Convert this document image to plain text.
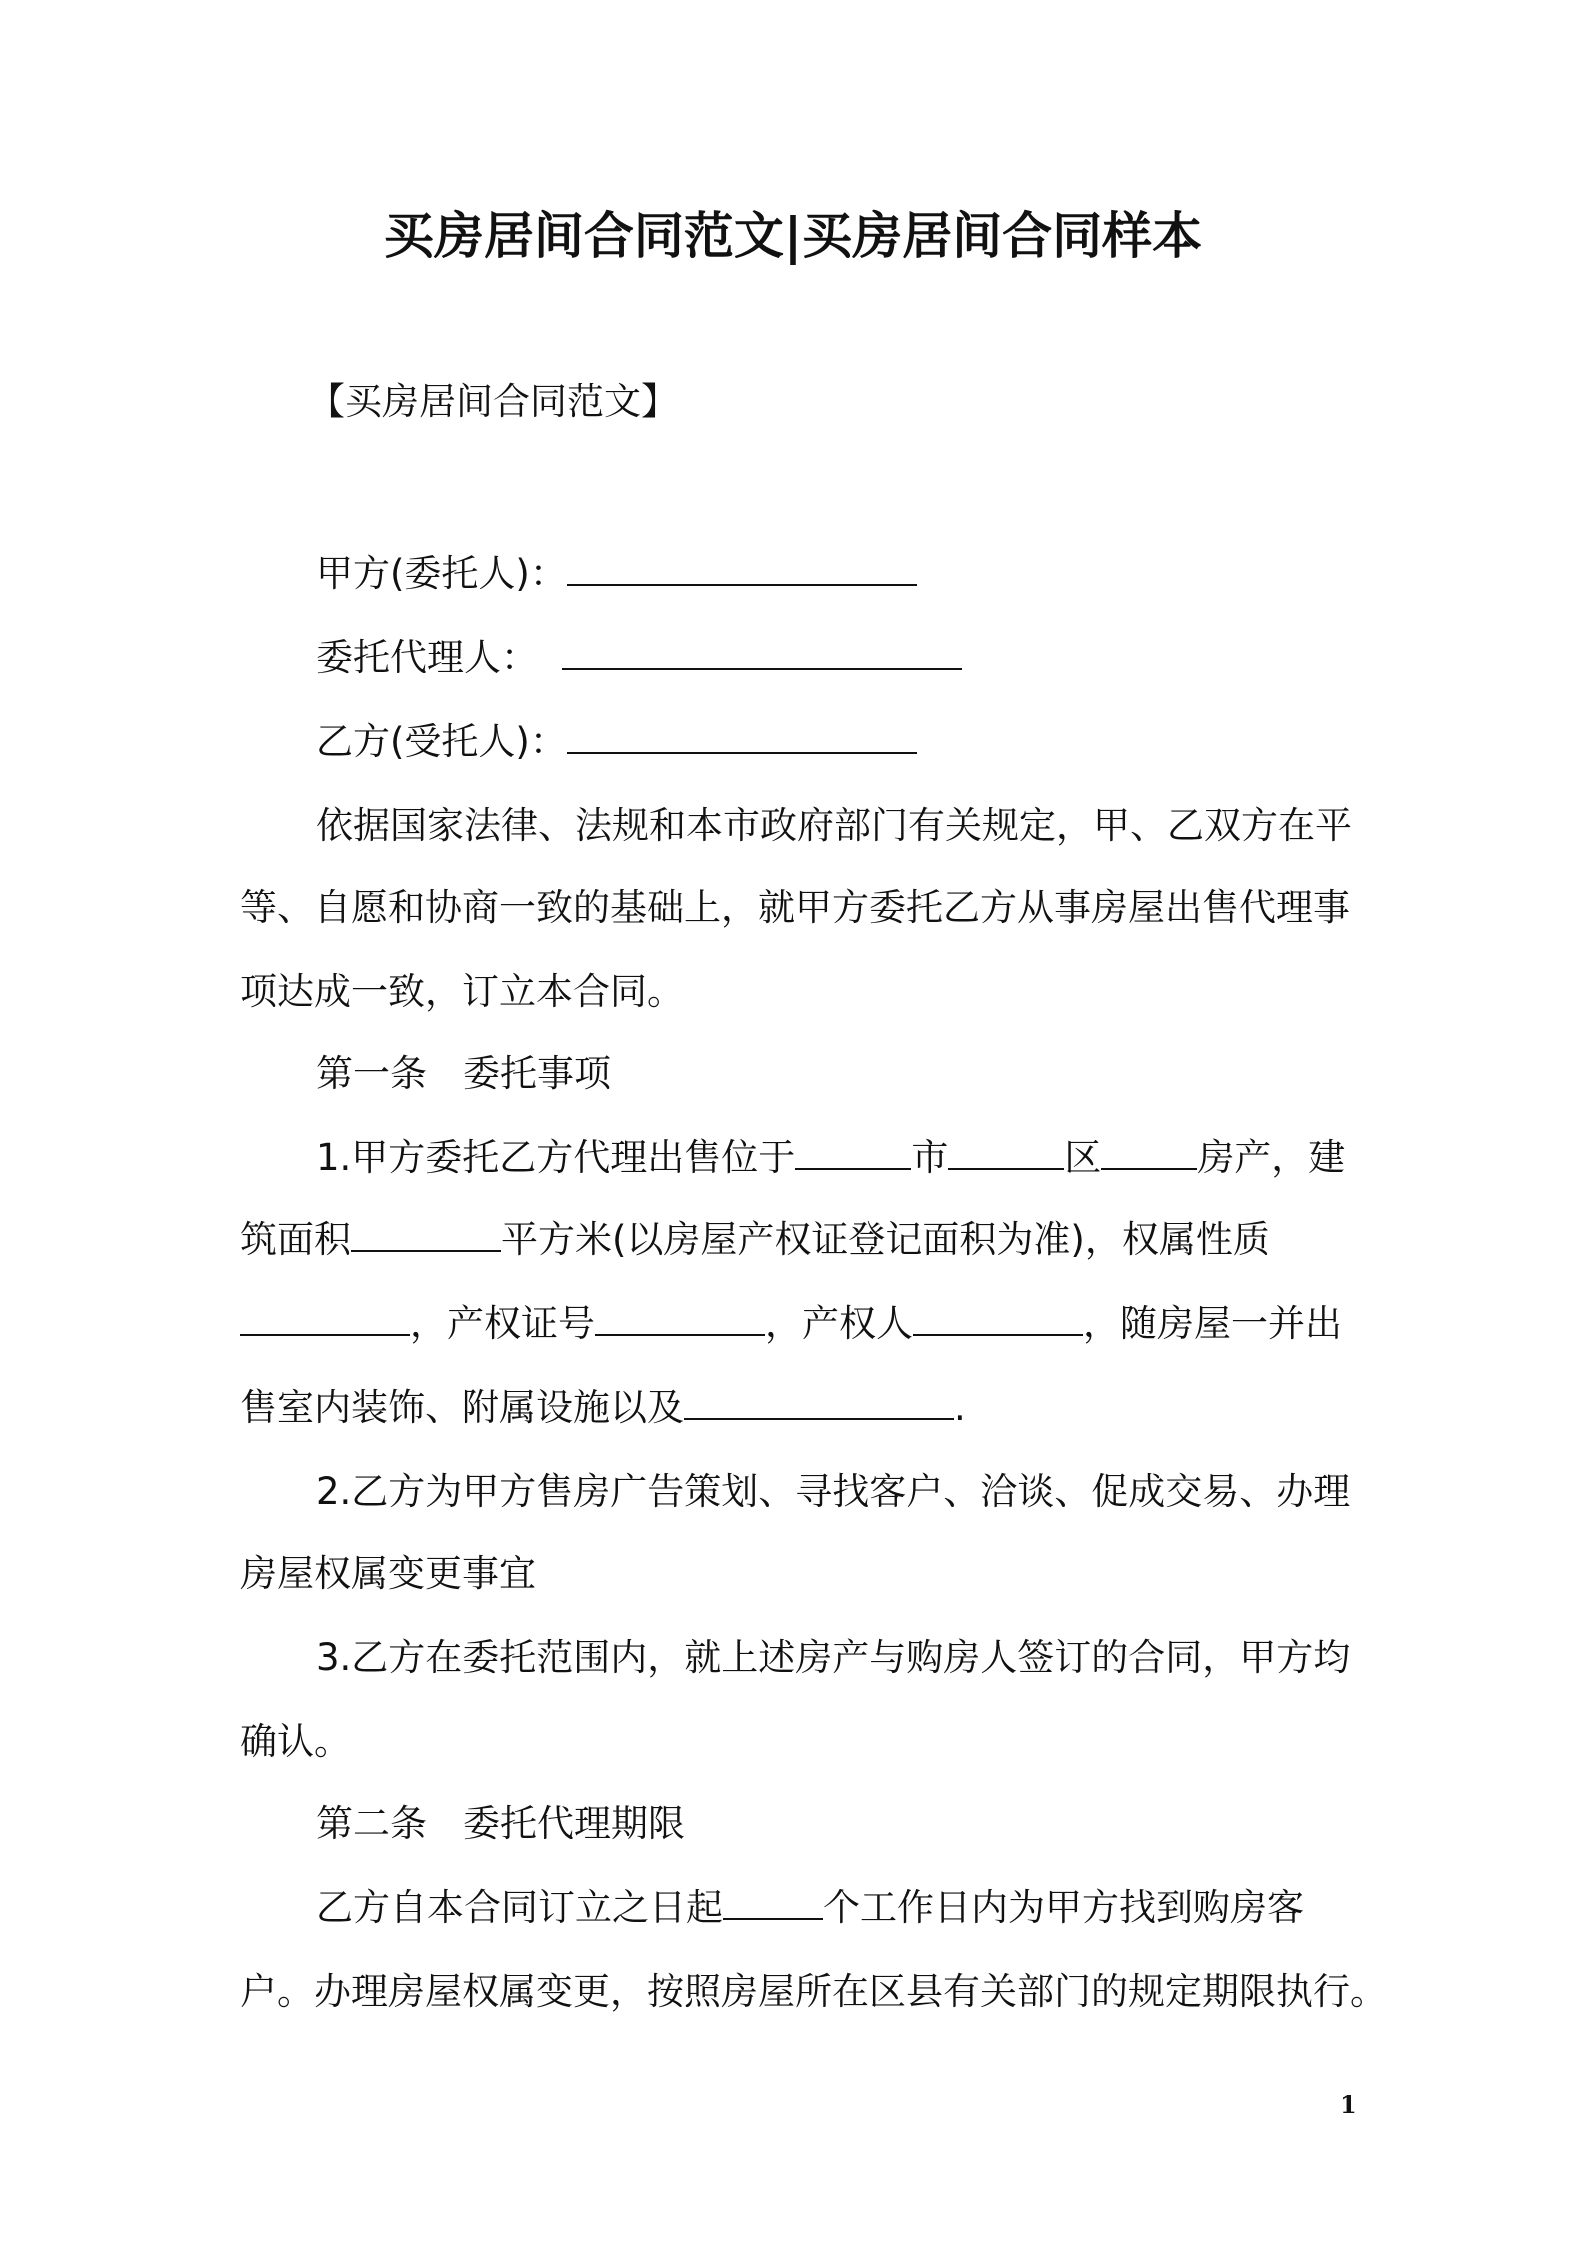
买房居间合同范文|买房居间合同样本
【买房居间合同范文】
甲方(委托人)：
委托代理人：
乙方(受托人)：
依据国家法律、法规和本市政府部门有关规定，甲、乙双方在平
等、自愿和协商一致的基础上，就甲方委托乙方从事房屋出售代理事
项达成一致，订立本合同。
第一条 委托事项
1.甲方委托乙方代理出售位于	市	区	房产，建
筑面积	平方米(以房屋产权证登记面积为准)，权属性质
，产权证号	，产权人	，随房屋一并出
售室内装饰、附属设施以及	.
2.乙方为甲方售房广告策划、寻找客户、洽谈、促成交易、办理
房屋权属变更事宜
3.乙方在委托范围内，就上述房产与购房人签订的合同，甲方均
确认。
第二条 委托代理期限
乙方自本合同订立之日起	个工作日内为甲方找到购房客
户。办理房屋权属变更，按照房屋所在区县有关部门的规定期限执行。
1
